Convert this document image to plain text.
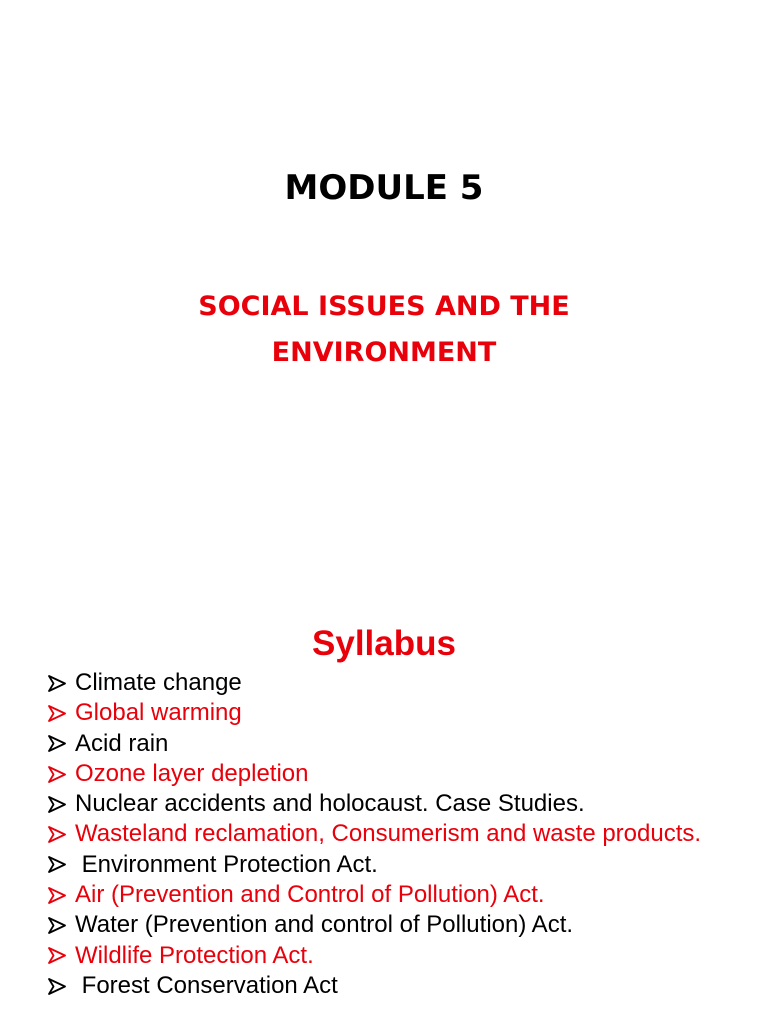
MODULE 5
SOCIAL ISSUES AND THE
ENVIRONMENT
Syllabus
Climate change
Global warming
Acid rain
Ozone layer depletion
Nuclear accidents and holocaust. Case Studies.
Wasteland reclamation, Consumerism and waste products.
Environment Protection Act.
Air (Prevention and Control of Pollution) Act.
Water (Prevention and control of Pollution) Act.
Wildlife Protection Act.
Forest Conservation Act
